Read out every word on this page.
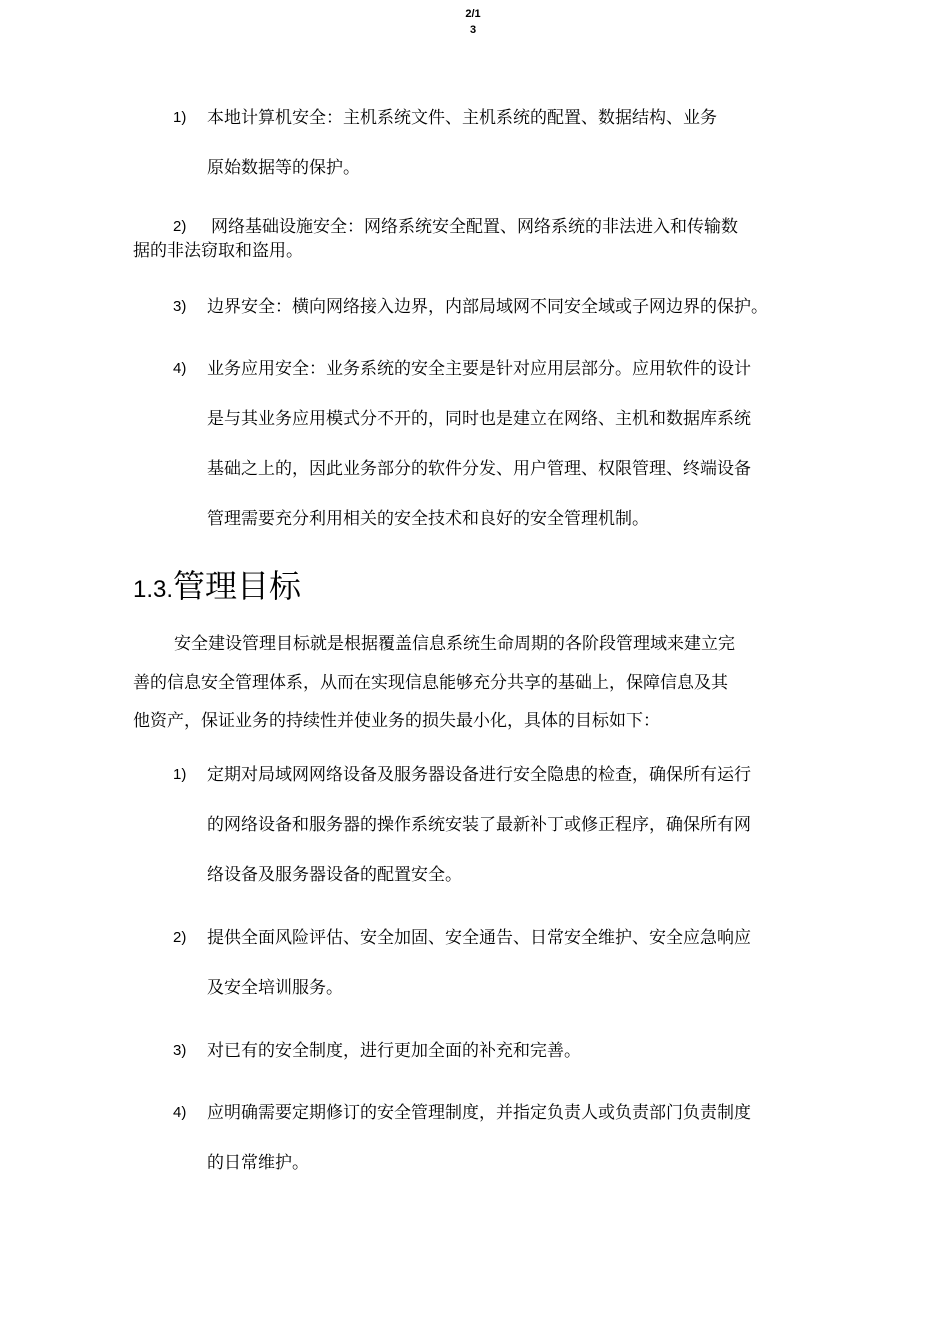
2/1
3
1) 本地计算机安全：主机系统文件、主机系统的配置、数据结构、业务
原始数据等的保护。
2) 网络基础设施安全：网络系统安全配置、网络系统的非法进入和传输数
据的非法窃取和盗用。
3) 边界安全：横向网络接入边界，内部局域网不同安全域或子网边界的保护。
4) 业务应用安全：业务系统的安全主要是针对应用层部分。应用软件的设计
是与其业务应用模式分不开的，同时也是建立在网络、主机和数据库系统
基础之上的，因此业务部分的软件分发、用户管理、权限管理、终端设备
管理需要充分利用相关的安全技术和良好的安全管理机制。
1.3.管理目标
安全建设管理目标就是根据覆盖信息系统生命周期的各阶段管理域来建立完
善的信息安全管理体系，从而在实现信息能够充分共享的基础上，保障信息及其
他资产，保证业务的持续性并使业务的损失最小化，具体的目标如下：
1) 定期对局域网网络设备及服务器设备进行安全隐患的检查，确保所有运行
的网络设备和服务器的操作系统安装了最新补丁或修正程序，确保所有网
络设备及服务器设备的配置安全。
2) 提供全面风险评估、安全加固、安全通告、日常安全维护、安全应急响应
及安全培训服务。
3) 对已有的安全制度，进行更加全面的补充和完善。
4) 应明确需要定期修订的安全管理制度，并指定负责人或负责部门负责制度
的日常维护。
